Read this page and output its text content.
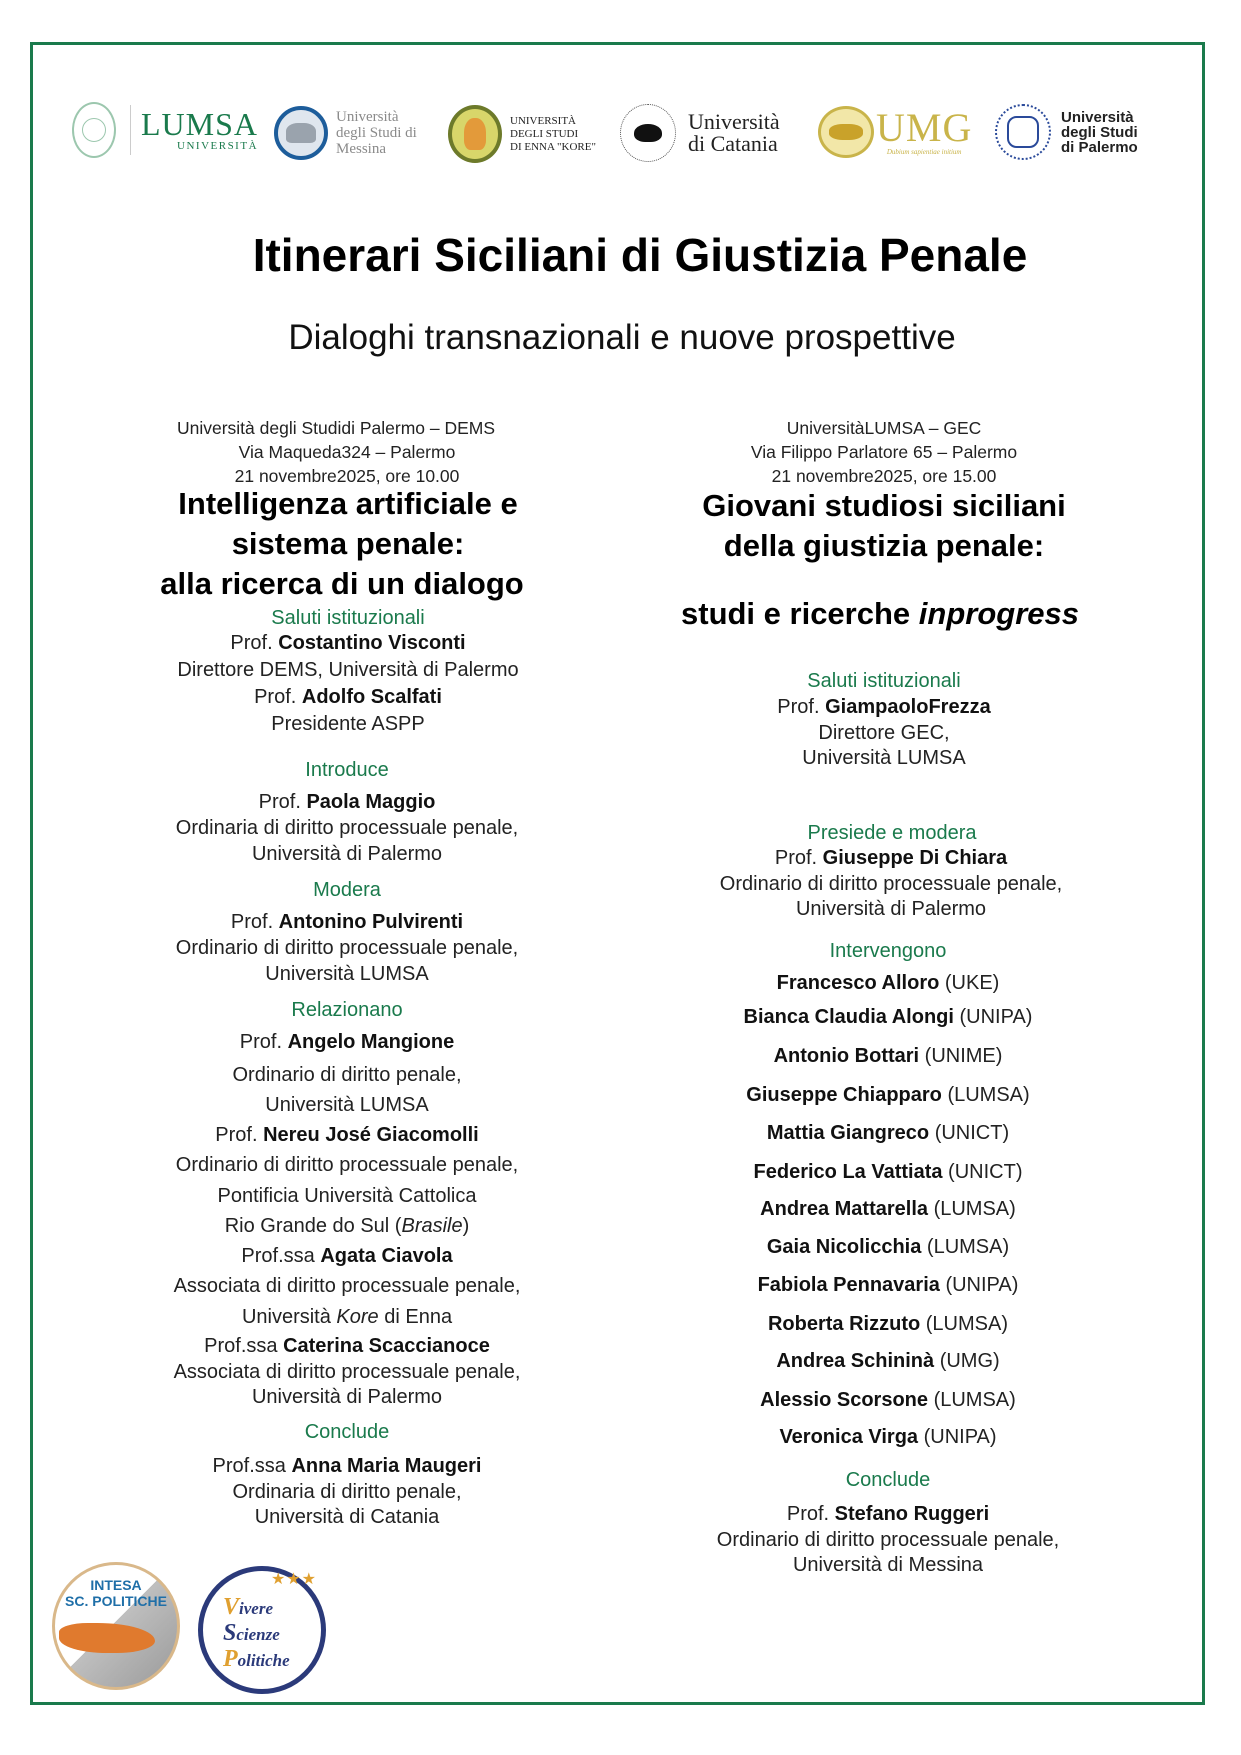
LUMSA
UNIVERSITÀ
Università
degli Studi di
Messina
UNIVERSITÀ
DEGLI STUDI
DI ENNA "KORE"
Università
di Catania UMG
Dubium sapientiae initium
Università
degli Studi
di Palermo
Itinerari Siciliani di Giustizia Penale
Dialoghi transnazionali e nuove prospettive
Università degli Studidi Palermo – DEMS
Via Maqueda324 – Palermo
21 novembre2025, ore 10.00
Intelligenza artificiale e
sistema penale:
alla ricerca di un dialogo
Saluti istituzionali
Prof. Costantino Visconti
Direttore DEMS, Università di Palermo
Prof. Adolfo Scalfati
Presidente ASPP
Introduce
Prof. Paola Maggio
Ordinaria di diritto processuale penale,
Università di Palermo
Modera
Prof. Antonino Pulvirenti
Ordinario di diritto processuale penale,
Università LUMSA
Relazionano
Prof. Angelo Mangione
Ordinario di diritto penale,
Università LUMSA
Prof. Nereu José Giacomolli
Ordinario di diritto processuale penale,
Pontificia Università Cattolica
Rio Grande do Sul (Brasile)
Prof.ssa Agata Ciavola
Associata di diritto processuale penale,
Università Kore di Enna
Prof.ssa Caterina Scaccianoce
Associata di diritto processuale penale,
Università di Palermo
Conclude
Prof.ssa Anna Maria Maugeri
Ordinaria di diritto penale,
Università di Catania
UniversitàLUMSA – GEC
Via Filippo Parlatore 65 – Palermo
21 novembre2025, ore 15.00
Giovani studiosi siciliani
della giustizia penale:
studi e ricerche inprogress
Saluti istituzionali
Prof. GiampaoloFrezza
Direttore GEC,
Università LUMSA
Presiede e modera
Prof. Giuseppe Di Chiara
Ordinario di diritto processuale penale,
Università di Palermo
Intervengono
Francesco Alloro (UKE)
Bianca Claudia Alongi (UNIPA)
Antonio Bottari (UNIME)
Giuseppe Chiapparo (LUMSA)
Mattia Giangreco (UNICT)
Federico La Vattiata (UNICT)
Andrea Mattarella (LUMSA)
Gaia Nicolicchia (LUMSA)
Fabiola Pennavaria (UNIPA)
Roberta Rizzuto (LUMSA)
Andrea Schininà (UMG)
Alessio Scorsone (LUMSA)
Veronica Virga (UNIPA)
Conclude
Prof. Stefano Ruggeri
Ordinario di diritto processuale penale,
Università di Messina
INTESA
SC. POLITICHE
★★★
Vivere
Scienze
Politiche
